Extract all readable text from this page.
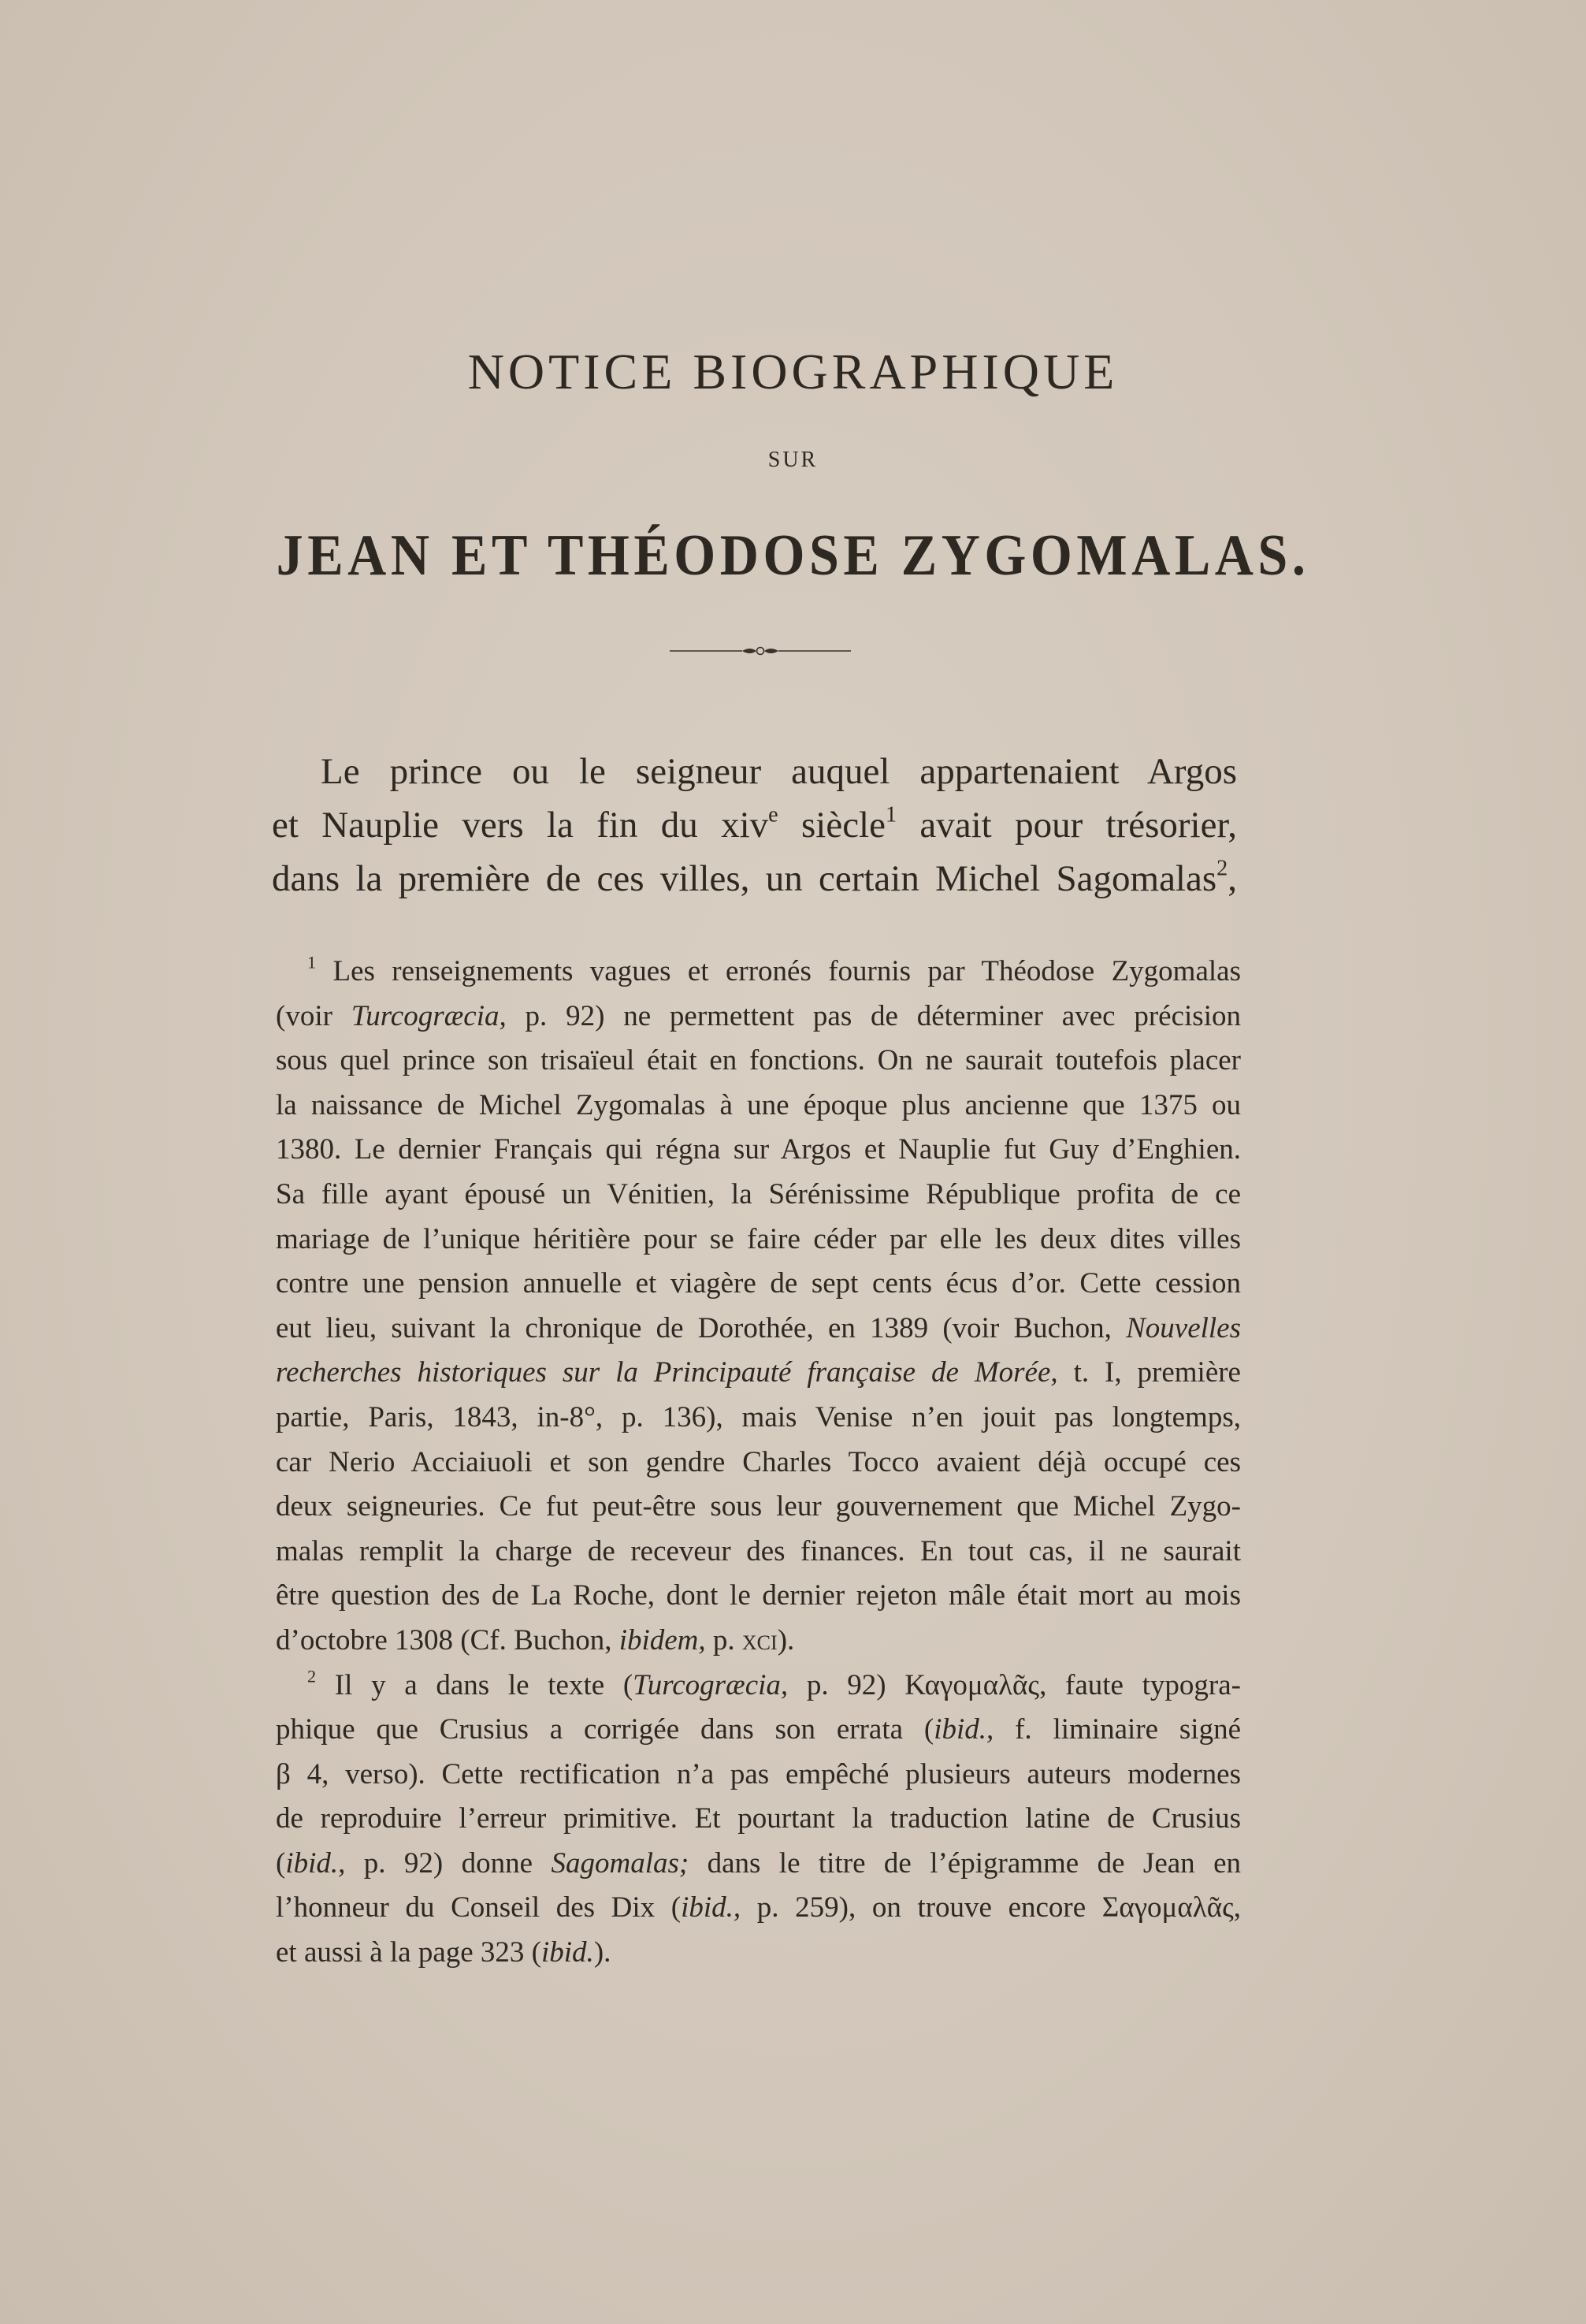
NOTICE BIOGRAPHIQUE
SUR
JEAN ET THÉODOSE ZYGOMALAS.
Le prince ou le seigneur auquel appartenaient Argos
et Nauplie vers la fin du xiv$^e$ siècle$^1$ avait pour trésorier,
dans la première de ces villes, un certain Michel Sagomalas$^2$,
$^1$ Les renseignements vagues et erronés fournis par Théodose Zygomalas
(voir Turcogræcia, p. 92) ne permettent pas de déterminer avec précision
sous quel prince son trisaïeul était en fonctions. On ne saurait toutefois placer
la naissance de Michel Zygomalas à une époque plus ancienne que 1375 ou
1380. Le dernier Français qui régna sur Argos et Nauplie fut Guy d’Enghien.
Sa fille ayant épousé un Vénitien, la Sérénissime République profita de ce
mariage de l’unique héritière pour se faire céder par elle les deux dites villes
contre une pension annuelle et viagère de sept cents écus d’or. Cette cession
eut lieu, suivant la chronique de Dorothée, en 1389 (voir Buchon, Nouvelles
recherches historiques sur la Principauté française de Morée, t. I, première
partie, Paris, 1843, in-8°, p. 136), mais Venise n’en jouit pas longtemps,
car Nerio Acciaiuoli et son gendre Charles Tocco avaient déjà occupé ces
deux seigneuries. Ce fut peut-être sous leur gouvernement que Michel Zygo-
malas remplit la charge de receveur des finances. En tout cas, il ne saurait
être question des de La Roche, dont le dernier rejeton mâle était mort au mois
d’octobre 1308 (Cf. Buchon, ibidem, p. xci).
$^2$ Il y a dans le texte (Turcogræcia, p. 92) Καγομαλᾶς, faute typogra-
phique que Crusius a corrigée dans son errata (ibid., f. liminaire signé
β 4, verso). Cette rectification n’a pas empêché plusieurs auteurs modernes
de reproduire l’erreur primitive. Et pourtant la traduction latine de Crusius
(ibid., p. 92) donne Sagomalas; dans le titre de l’épigramme de Jean en
l’honneur du Conseil des Dix (ibid., p. 259), on trouve encore Σαγομαλᾶς,
et aussi à la page 323 (ibid.).
